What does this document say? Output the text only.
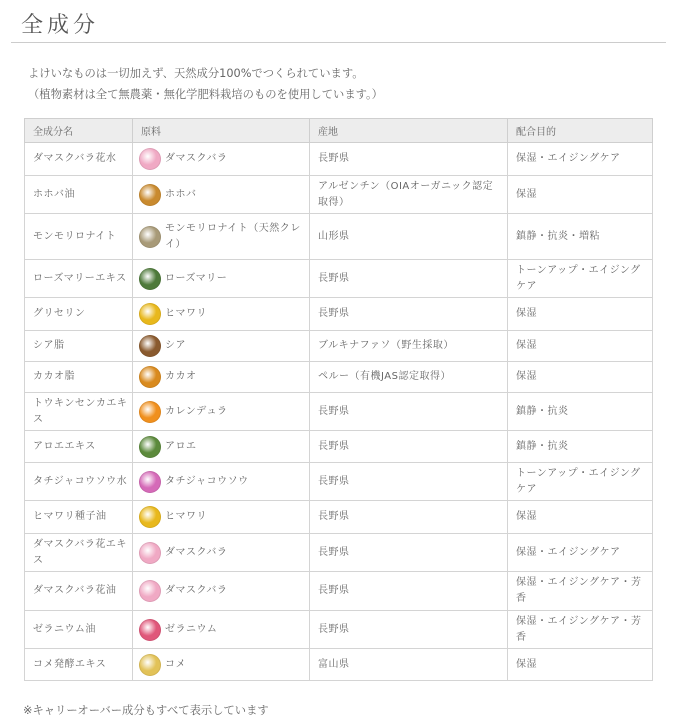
全成分
よけいなものは一切加えず、天然成分100%でつくられています。
（植物素材は全て無農薬・無化学肥料栽培のものを使用しています。）
全成分名	原料	産地	配合目的
ダマスクバラ花水	ダマスクバラ	長野県	保湿・エイジングケア
ホホバ油	ホホバ	アルゼンチン（OIAオーガニック認定取得）	保湿
モンモリロナイト	モンモリロナイト（天然クレイ）	山形県	鎮静・抗炎・増粘
ローズマリーエキス	ローズマリー	長野県	トーンアップ・エイジングケア
グリセリン	ヒマワリ	長野県	保湿
シア脂	シア	ブルキナファソ（野生採取）	保湿
カカオ脂	カカオ	ペルー（有機JAS認定取得）	保湿
トウキンセンカエキス	カレンデュラ	長野県	鎮静・抗炎
アロエエキス	アロエ	長野県	鎮静・抗炎
タチジャコウソウ水	タチジャコウソウ	長野県	トーンアップ・エイジングケア
ヒマワリ種子油	ヒマワリ	長野県	保湿
ダマスクバラ花エキス	ダマスクバラ	長野県	保湿・エイジングケア
ダマスクバラ花油	ダマスクバラ	長野県	保湿・エイジングケア・芳香
ゼラニウム油	ゼラニウム	長野県	保湿・エイジングケア・芳香
コメ発酵エキス	コメ	富山県	保湿
※キャリーオーバー成分もすべて表示しています
